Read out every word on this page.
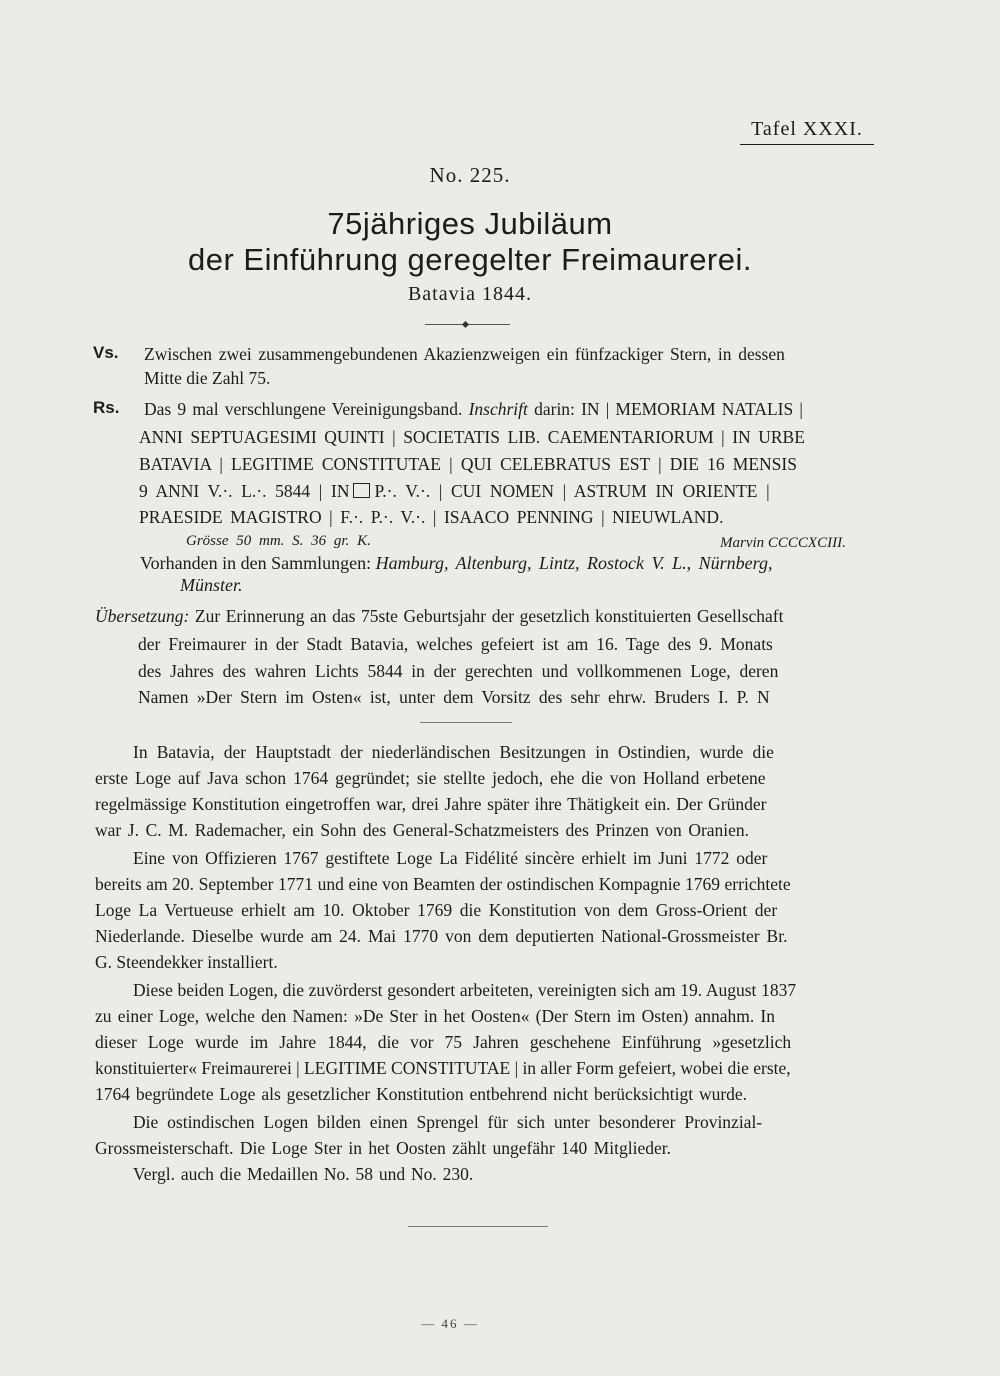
Tafel XXXI.
No. 225.
75jähriges Jubiläum
der Einführung geregelter Freimaurerei.
Batavia 1844.
Vs. Zwischen zwei zusammengebundenen Akazienzweigen ein fünfzackiger Stern, in dessen
Mitte die Zahl 75.
Rs. Das 9 mal verschlungene Vereinigungsband. Inschrift darin: IN | MEMORIAM NATALIS |
ANNI SEPTUAGESIMI QUINTI | SOCIETATIS LIB. CAEMENTARIORUM | IN URBE
BATAVIA | LEGITIME CONSTITUTAE | QUI CELEBRATUS EST | DIE 16 MENSIS
9 ANNI V.·. L.·. 5844 | IN P.·. V.·. | CUI NOMEN | ASTRUM IN ORIENTE |
PRAESIDE MAGISTRO | F.·. P.·. V.·. | ISAACO PENNING | NIEUWLAND.
Grösse 50 mm. S. 36 gr. K.	Marvin CCCCXCIII.
Vorhanden in den Sammlungen: Hamburg, Altenburg, Lintz, Rostock V. L., Nürnberg,
Münster.
Übersetzung: Zur Erinnerung an das 75ste Geburtsjahr der gesetzlich konstituierten Gesellschaft
der Freimaurer in der Stadt Batavia, welches gefeiert ist am 16. Tage des 9. Monats
des Jahres des wahren Lichts 5844 in der gerechten und vollkommenen Loge, deren
Namen »Der Stern im Osten« ist, unter dem Vorsitz des sehr ehrw. Bruders I. P. N
In Batavia, der Hauptstadt der niederländischen Besitzungen in Ostindien, wurde die
erste Loge auf Java schon 1764 gegründet; sie stellte jedoch, ehe die von Holland erbetene
regelmässige Konstitution eingetroffen war, drei Jahre später ihre Thätigkeit ein. Der Gründer
war J. C. M. Rademacher, ein Sohn des General-Schatzmeisters des Prinzen von Oranien.
Eine von Offizieren 1767 gestiftete Loge La Fidélité sincère erhielt im Juni 1772 oder
bereits am 20. September 1771 und eine von Beamten der ostindischen Kompagnie 1769 errichtete
Loge La Vertueuse erhielt am 10. Oktober 1769 die Konstitution von dem Gross-Orient der
Niederlande. Dieselbe wurde am 24. Mai 1770 von dem deputierten National-Grossmeister Br.
G. Steendekker installiert.
Diese beiden Logen, die zuvörderst gesondert arbeiteten, vereinigten sich am 19. August 1837
zu einer Loge, welche den Namen: »De Ster in het Oosten« (Der Stern im Osten) annahm. In
dieser Loge wurde im Jahre 1844, die vor 75 Jahren geschehene Einführung »gesetzlich
konstituierter« Freimaurerei | LEGITIME CONSTITUTAE | in aller Form gefeiert, wobei die erste,
1764 begründete Loge als gesetzlicher Konstitution entbehrend nicht berücksichtigt wurde.
Die ostindischen Logen bilden einen Sprengel für sich unter besonderer Provinzial-
Grossmeisterschaft. Die Loge Ster in het Oosten zählt ungefähr 140 Mitglieder.
Vergl. auch die Medaillen No. 58 und No. 230.
— 46 —
